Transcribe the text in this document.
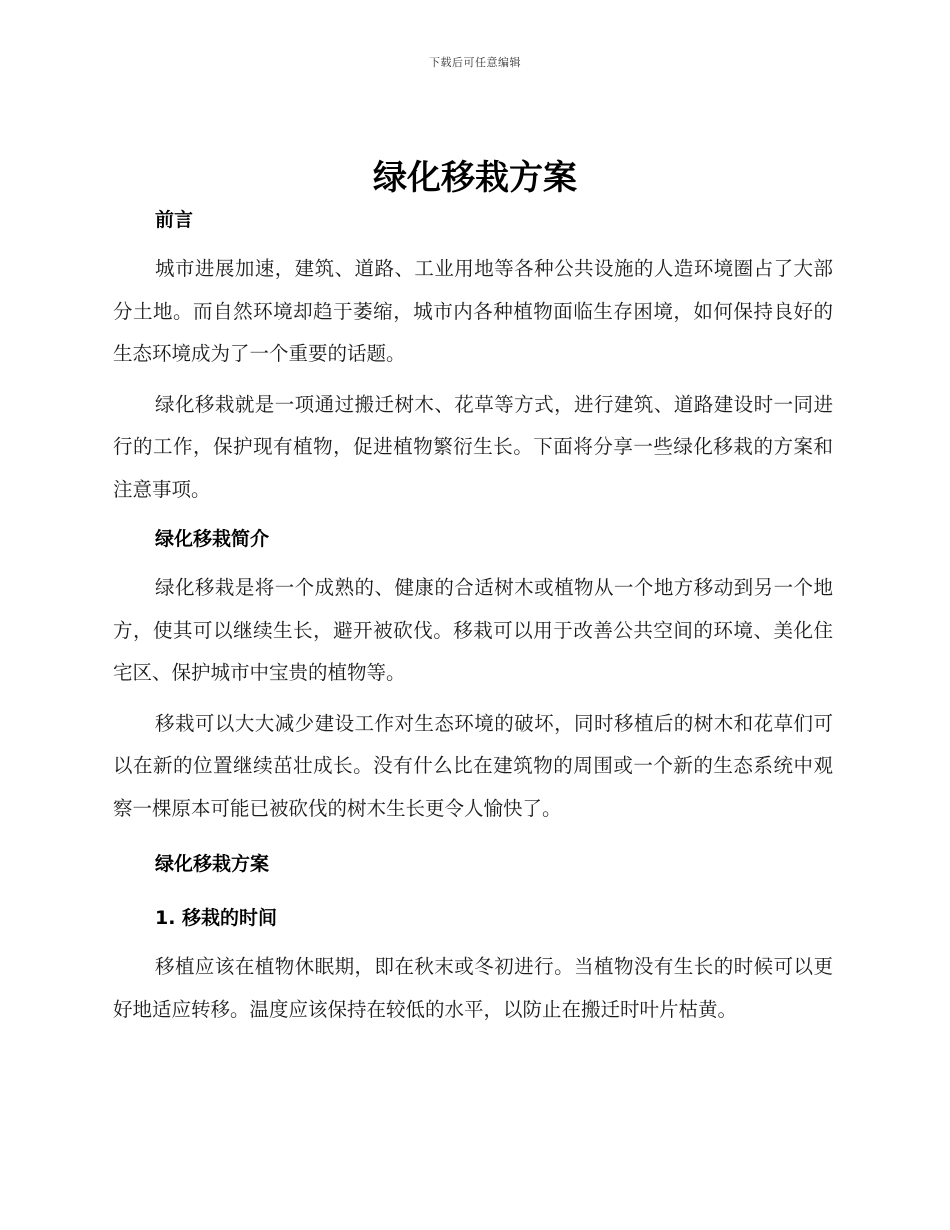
下载后可任意编辑
绿化移栽方案
前言

城市进展加速，建筑、道路、工业用地等各种公共设施的人造环境圈占了大部分土地。而自然环境却趋于萎缩，城市内各种植物面临生存困境，如何保持良好的生态环境成为了一个重要的话题。

绿化移栽就是一项通过搬迁树木、花草等方式，进行建筑、道路建设时一同进行的工作，保护现有植物，促进植物繁衍生长。下面将分享一些绿化移栽的方案和注意事项。

绿化移栽简介

绿化移栽是将一个成熟的、健康的合适树木或植物从一个地方移动到另一个地方，使其可以继续生长，避开被砍伐。移栽可以用于改善公共空间的环境、美化住宅区、保护城市中宝贵的植物等。

移栽可以大大减少建设工作对生态环境的破坏，同时移植后的树木和花草们可以在新的位置继续茁壮成长。没有什么比在建筑物的周围或一个新的生态系统中观察一棵原本可能已被砍伐的树木生长更令人愉快了。

绿化移栽方案
1. 移栽的时间

移植应该在植物休眠期，即在秋末或冬初进行。当植物没有生长的时候可以更好地适应转移。温度应该保持在较低的水平，以防止在搬迁时叶片枯黄。
